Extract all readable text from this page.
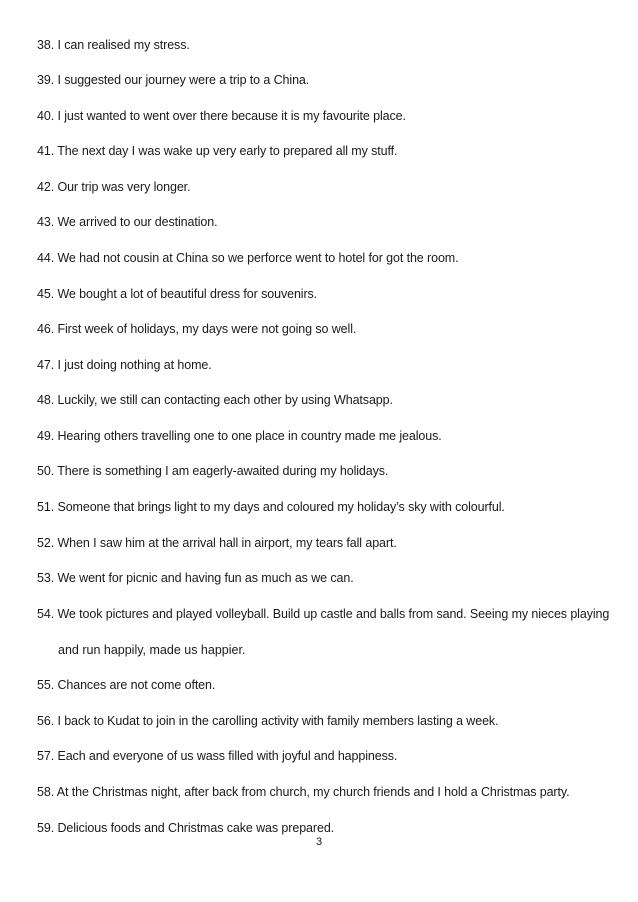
38. I can realised my stress.
39. I suggested our journey were a trip to a China.
40. I just wanted to went over there because it is my favourite place.
41. The next day I was wake up very early to prepared all my stuff.
42. Our trip was very longer.
43. We arrived to our destination.
44. We had not cousin at China so we perforce went to hotel for got the room.
45. We bought a lot of beautiful dress for souvenirs.
46. First week of holidays, my days were not going so well.
47. I just doing nothing at home.
48. Luckily, we still can contacting each other by using Whatsapp.
49. Hearing others travelling one to one place in country made me jealous.
50. There is something I am eagerly-awaited during my holidays.
51. Someone that brings light to my days and coloured my holiday’s sky with colourful.
52. When I saw him at the arrival hall in airport, my tears fall apart.
53. We went for picnic and having fun as much as we can.
54. We took pictures and played volleyball. Build up castle and balls from sand. Seeing my nieces playing
and run happily, made us happier.
55. Chances are not come often.
56. I back to Kudat to join in the carolling activity with family members lasting a week.
57. Each and everyone of us wass filled with joyful and happiness.
58. At the Christmas night, after back from church, my church friends and I hold a Christmas party.
59. Delicious foods and Christmas cake was prepared.
3
